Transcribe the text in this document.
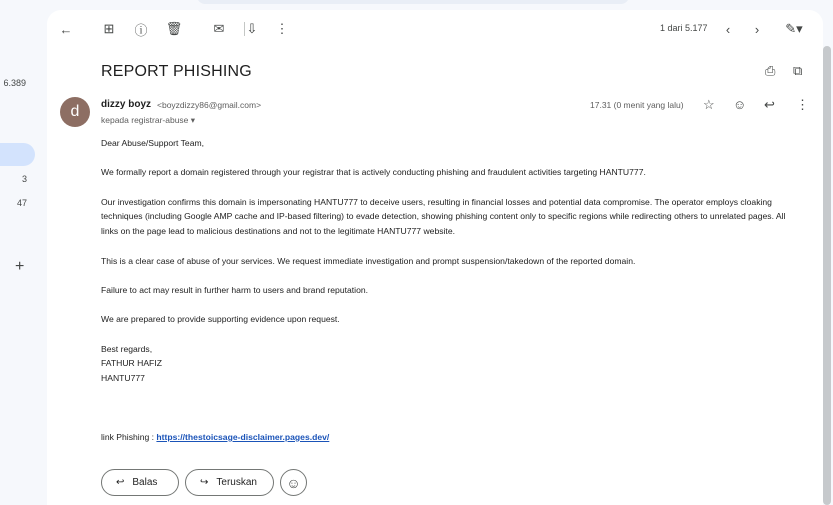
6.389
3
47
+
←	⊞	ⓘ 🗑	✉	⇩	⋮	1 dari 5.177	‹	›	✎▾
REPORT PHISHING	⎙ ⧉
d	dizzy boyz <boyzdizzy86@gmail.com>
kepada registrar-abuse ▾
17.31 (0 menit yang lalu) ☆ ☺ ↩ ⋮

Dear Abuse/Support Team,

We formally report a domain registered through your registrar that is actively conducting phishing and fraudulent activities targeting HANTU777.

Our investigation confirms this domain is impersonating HANTU777 to deceive users, resulting in financial losses and potential data compromise. The operator employs cloaking techniques (including Google AMP cache and IP-based filtering) to evade detection, showing phishing content only to specific regions while redirecting others to unrelated pages. All links on the page lead to malicious destinations and not to the legitimate HANTU777 website.

This is a clear case of abuse of your services. We request immediate investigation and prompt suspension/takedown of the reported domain.

Failure to act may result in further harm to users and brand reputation.

We are prepared to provide supporting evidence upon request.

Best regards,
FATHUR HAFIZ
HANTU777
link Phishing : https://thestoicsage-disclaimer.pages.dev/
↩ Balas	↪ Teruskan ☺
